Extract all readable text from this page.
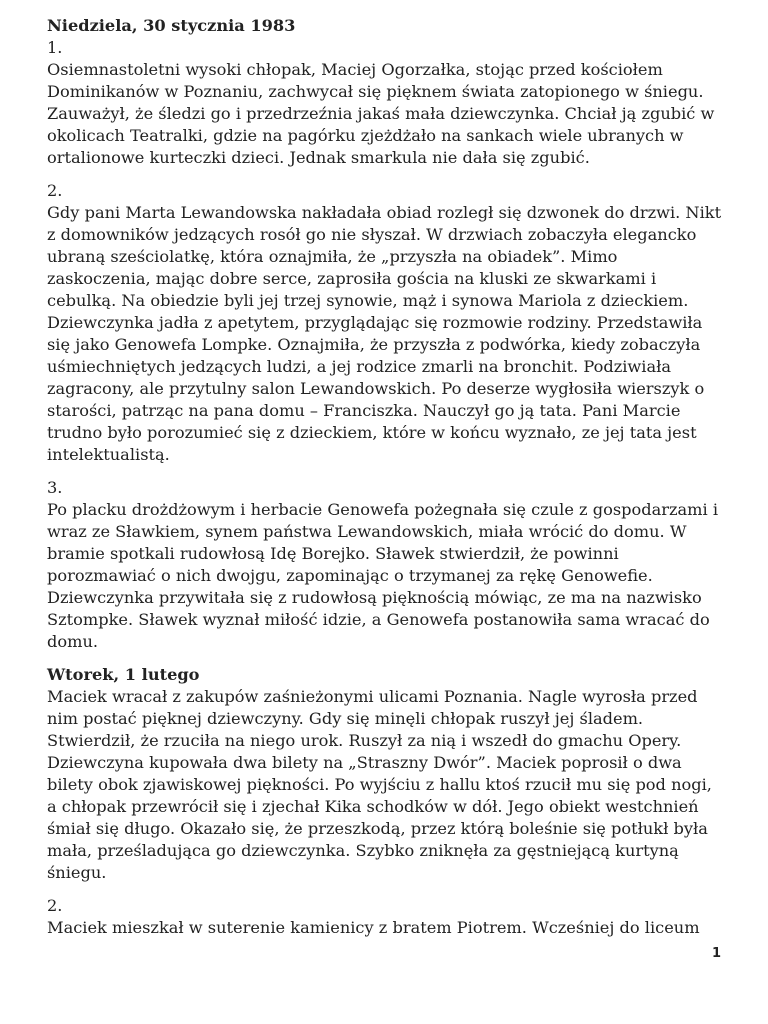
Niedziela, 30 stycznia 1983
1.
Osiemnastoletni wysoki chłopak, Maciej Ogorzałka, stojąc przed kościołem
Dominikanów w Poznaniu, zachwycał się pięknem świata zatopionego w śniegu.
Zauważył, że śledzi go i przedrzeźnia jakaś mała dziewczynka. Chciał ją zgubić w
okolicach Teatralki, gdzie na pagórku zjeżdżało na sankach wiele ubranych w
ortalionowe kurteczki dzieci. Jednak smarkula nie dała się zgubić.
2.
Gdy pani Marta Lewandowska nakładała obiad rozległ się dzwonek do drzwi. Nikt
z domowników jedzących rosół go nie słyszał. W drzwiach zobaczyła elegancko
ubraną sześciolatkę, która oznajmiła, że „przyszła na obiadek”. Mimo
zaskoczenia, mając dobre serce, zaprosiła gościa na kluski ze skwarkami i
cebulką. Na obiedzie byli jej trzej synowie, mąż i synowa Mariola z dzieckiem.
Dziewczynka jadła z apetytem, przyglądając się rozmowie rodziny. Przedstawiła
się jako Genowefa Lompke. Oznajmiła, że przyszła z podwórka, kiedy zobaczyła
uśmiechniętych jedzących ludzi, a jej rodzice zmarli na bronchit. Podziwiała
zagracony, ale przytulny salon Lewandowskich. Po deserze wygłosiła wierszyk o
starości, patrząc na pana domu – Franciszka. Nauczył go ją tata. Pani Marcie
trudno było porozumieć się z dzieckiem, które w końcu wyznało, ze jej tata jest
intelektualistą.
3.
Po placku drożdżowym i herbacie Genowefa pożegnała się czule z gospodarzami i
wraz ze Sławkiem, synem państwa Lewandowskich, miała wrócić do domu. W
bramie spotkali rudowłosą Idę Borejko. Sławek stwierdził, że powinni
porozmawiać o nich dwojgu, zapominając o trzymanej za rękę Genowefie.
Dziewczynka przywitała się z rudowłosą pięknością mówiąc, ze ma na nazwisko
Sztompke. Sławek wyznał miłość idzie, a Genowefa postanowiła sama wracać do
domu.
Wtorek, 1 lutego
Maciek wracał z zakupów zaśnieżonymi ulicami Poznania. Nagle wyrosła przed
nim postać pięknej dziewczyny. Gdy się minęli chłopak ruszył jej śladem.
Stwierdził, że rzuciła na niego urok. Ruszył za nią i wszedł do gmachu Opery.
Dziewczyna kupowała dwa bilety na „Straszny Dwór”. Maciek poprosił o dwa
bilety obok zjawiskowej piękności. Po wyjściu z hallu ktoś rzucił mu się pod nogi,
a chłopak przewrócił się i zjechał Kika schodków w dół. Jego obiekt westchnień
śmiał się długo. Okazało się, że przeszkodą, przez którą boleśnie się potłukł była
mała, prześladująca go dziewczynka. Szybko zniknęła za gęstniejącą kurtyną
śniegu.
2.
Maciek mieszkał w suterenie kamienicy z bratem Piotrem. Wcześniej do liceum
1
